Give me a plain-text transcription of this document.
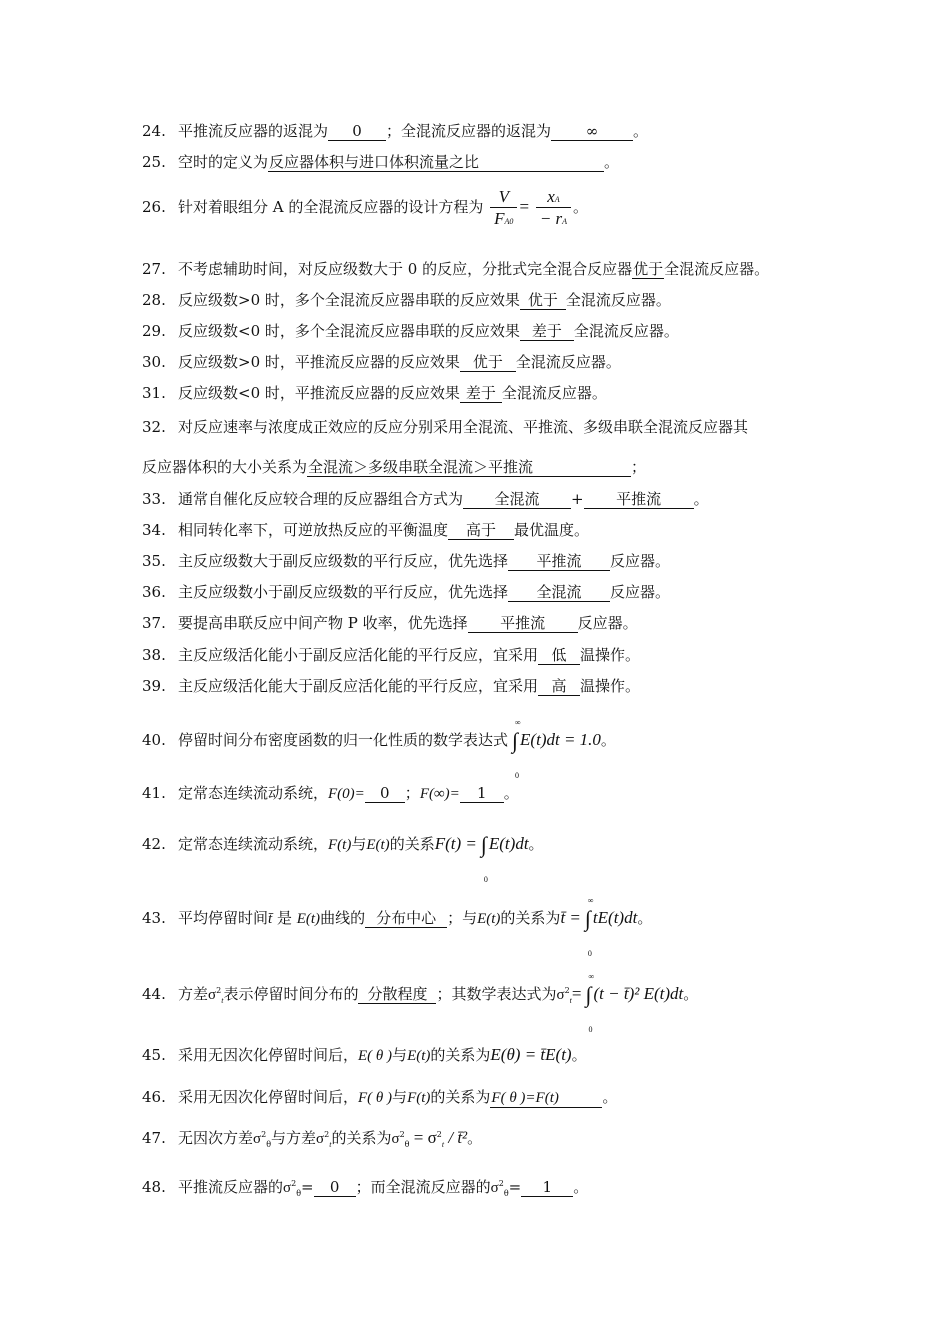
24. 平推流反应器的返混为 0 ；全混流反应器的返混为 ∞ 。
25. 空时的定义为反应器体积与进口体积流量之比	。
26. 针对着眼组分 A 的全混流反应器的设计方程为 $\frac{V}{FA0} = \frac{xA}{- rA}$ 。
27. 不考虑辅助时间，对反应级数大于 0 的反应，分批式完全混合反应器优于全混流反应器。
28. 反应级数>0 时，多个全混流反应器串联的反应效果 优于 全混流反应器。
29. 反应级数<0 时，多个全混流反应器串联的反应效果 差于 全混流反应器。
30. 反应级数>0 时，平推流反应器的反应效果 优于 全混流反应器。
31. 反应级数<0 时，平推流反应器的反应效果 差于 全混流反应器。
32. 对反应速率与浓度成正效应的反应分别采用全混流、平推流、多级串联全混流反应器其
反应器体积的大小关系为全混流＞多级串联全混流＞平推流	；
33. 通常自催化反应较合理的反应器组合方式为 全混流 + 平推流 。
34. 相同转化率下，可逆放热反应的平衡温度 高于 最优温度。
35. 主反应级数大于副反应级数的平行反应，优先选择 平推流 反应器。
36. 主反应级数小于副反应级数的平行反应，优先选择 全混流 反应器。
37. 要提高串联反应中间产物 P 收率，优先选择 平推流 反应器。
38. 主反应级活化能小于副反应活化能的平行反应，宜采用 低 温操作。
39. 主反应级活化能大于副反应活化能的平行反应，宜采用 高 温操作。
40. 停留时间分布密度函数的归一化性质的数学表达式 ∫
∞
0
E(t)dt = 1.0。
41. 定常态连续流动系统，F(0)= 0 ；F(∞)= 1 。
42. 定常态连续流动系统，F(t)与E(t)的关系F(t) = ∫
0
E(t)dt。
43. 平均停留时间t̄ 是 E(t)曲线的 分布中心 ；与E(t)的关系为t̄ = ∫
∞
0
tE(t)dt。
44. 方差$\sigma^2_t$表示停留时间分布的 分散程度 ；其数学表达式为$\sigma^2_t=$ ∫
∞
0
(t − t̄)² E(t)dt。
45. 采用无因次化停留时间后，E( θ )与E(t)的关系为E(θ) = t̄E(t)。
46. 采用无因次化停留时间后，F( θ )与F(t)的关系为F( θ )=F(t)	。
47. 无因次方差$\sigma^2_\theta$与方差$\sigma^2_t$的关系为$\sigma^2_\theta = \sigma^2_t$ / t̄²。
48. 平推流反应器的$\sigma^2_\theta= 0$ ；而全混流反应器的$\sigma^2_\theta= 1$ 。
